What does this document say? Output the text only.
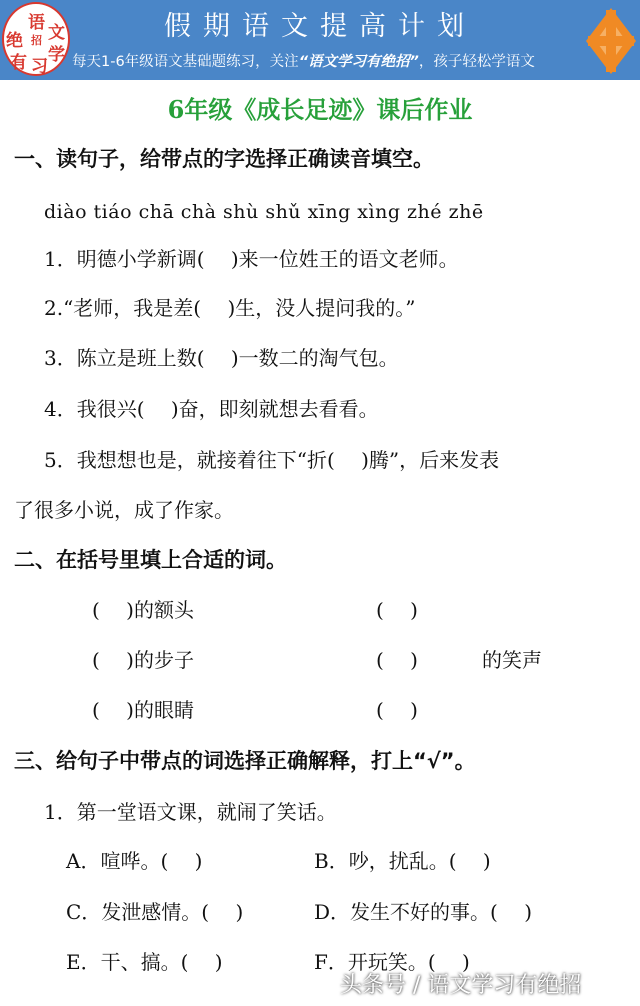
语 文
绝 招
学
有 习
假期语文提高计划
每天1-6年级语文基础题练习，关注“语文学习有绝招”，孩子轻松学语文
6年级《成长足迹》课后作业
一、读句子，给带点的字选择正确读音填空。
diào tiáo chā chà shù shǔ xīng xìng zhé zhē
1．明德小学新调(　 )来一位姓王的语文老师。
2.“老师，我是差(　 )生，没人提问我的。”
3．陈立是班上数(　 )一数二的淘气包。
4．我很兴(　 )奋，即刻就想去看看。
5．我想想也是，就接着往下“折(　 )腾”，后来发表
了很多小说，成了作家。
二、在括号里填上合适的词。
(　 )的额头	(　 )
(　 )的步子	(　 )	的笑声
(　 )的眼睛	(　 )
三、给句子中带点的词选择正确解释，打上“√”。
1．第一堂语文课，就闹了笑话。
A．喧哗。(　 )	B．吵，扰乱。(　 )
C．发泄感情。(　 )	D．发生不好的事。(　 )
E．干、搞。(　 )	F．开玩笑。(　 )
头条号 / 语文学习有绝招
